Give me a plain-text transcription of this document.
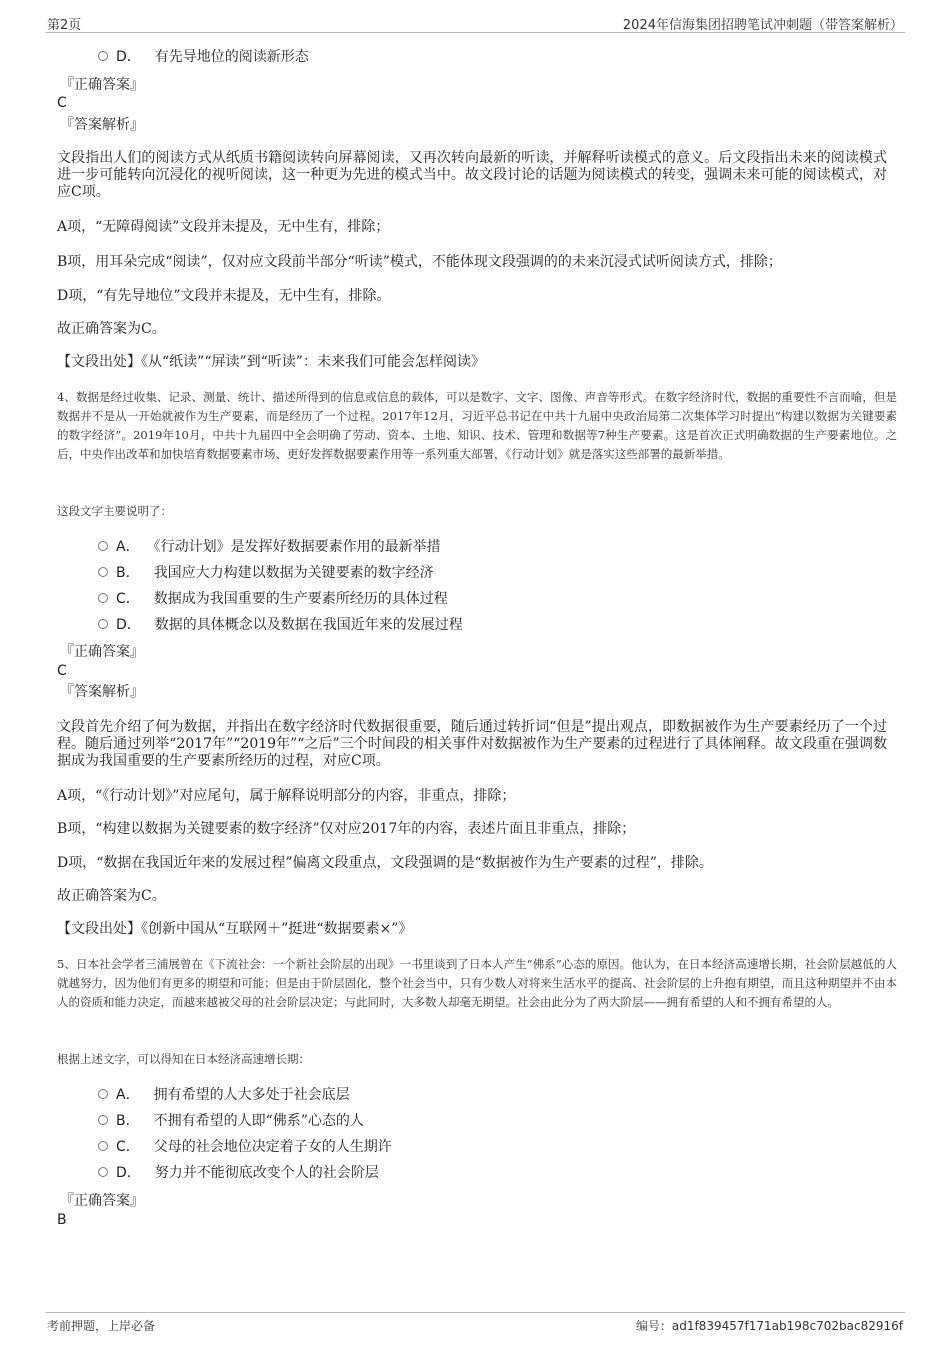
第2页	2024年信海集团招聘笔试冲刺题（带答案解析）
D． 有先导地位的阅读新形态
『正确答案』
C
『答案解析』
文段指出人们的阅读方式从纸质书籍阅读转向屏幕阅读，又再次转向最新的听读，并解释听读模式的意义。后文段指出未来的阅读模式进一步可能转向沉浸化的视听阅读，这一种更为先进的模式当中。故文段讨论的话题为阅读模式的转变，强调未来可能的阅读模式，对应C项。
A项，“无障碍阅读”文段并未提及，无中生有，排除；
B项，用耳朵完成“阅读”，仅对应文段前半部分“听读”模式，不能体现文段强调的的未来沉浸式试听阅读方式，排除；
D项，“有先导地位”文段并未提及，无中生有，排除。
故正确答案为C。
【文段出处】《从“纸读”“屏读”到“听读”：未来我们可能会怎样阅读》
4、数据是经过收集、记录、测量、统计、描述所得到的信息或信息的载体，可以是数字、文字、图像、声音等形式。在数字经济时代，数据的重要性不言而喻，但是数据并不是从一开始就被作为生产要素，而是经历了一个过程。2017年12月，习近平总书记在中共十九届中央政治局第二次集体学习时提出“构建以数据为关键要素的数字经济”。2019年10月，中共十九届四中全会明确了劳动、资本、土地、知识、技术、管理和数据等7种生产要素。这是首次正式明确数据的生产要素地位。之后，中央作出改革和加快培育数据要素市场、更好发挥数据要素作用等一系列重大部署，《行动计划》就是落实这些部署的最新举措。
这段文字主要说明了：
A． 《行动计划》是发挥好数据要素作用的最新举措
B． 我国应大力构建以数据为关键要素的数字经济
C． 数据成为我国重要的生产要素所经历的具体过程
D． 数据的具体概念以及数据在我国近年来的发展过程
『正确答案』
C
『答案解析』
文段首先介绍了何为数据，并指出在数字经济时代数据很重要，随后通过转折词“但是”提出观点，即数据被作为生产要素经历了一个过程。随后通过列举“2017年”“2019年”“之后”三个时间段的相关事件对数据被作为生产要素的过程进行了具体阐释。故文段重在强调数据成为我国重要的生产要素所经历的过程，对应C项。
A项，“《行动计划》”对应尾句，属于解释说明部分的内容，非重点，排除；
B项，“构建以数据为关键要素的数字经济”仅对应2017年的内容，表述片面且非重点，排除；
D项，“数据在我国近年来的发展过程”偏离文段重点，文段强调的是“数据被作为生产要素的过程”，排除。
故正确答案为C。
【文段出处】《创新中国从“互联网＋”挺进“数据要素×”》
5、日本社会学者三浦展曾在《下流社会：一个新社会阶层的出现》一书里谈到了日本人产生“佛系”心态的原因。他认为，在日本经济高速增长期，社会阶层越低的人就越努力，因为他们有更多的期望和可能；但是由于阶层固化，整个社会当中，只有少数人对将来生活水平的提高、社会阶层的上升抱有期望，而且这种期望并不由本人的资质和能力决定，而越来越被父母的社会阶层决定；与此同时，大多数人却毫无期望。社会由此分为了两大阶层——拥有希望的人和不拥有希望的人。
根据上述文字，可以得知在日本经济高速增长期：
A． 拥有希望的人大多处于社会底层
B． 不拥有希望的人即“佛系”心态的人
C． 父母的社会地位决定着子女的人生期许
D． 努力并不能彻底改变个人的社会阶层
『正确答案』
B
考前押题，上岸必备	编号：ad1f839457f171ab198c702bac82916f
